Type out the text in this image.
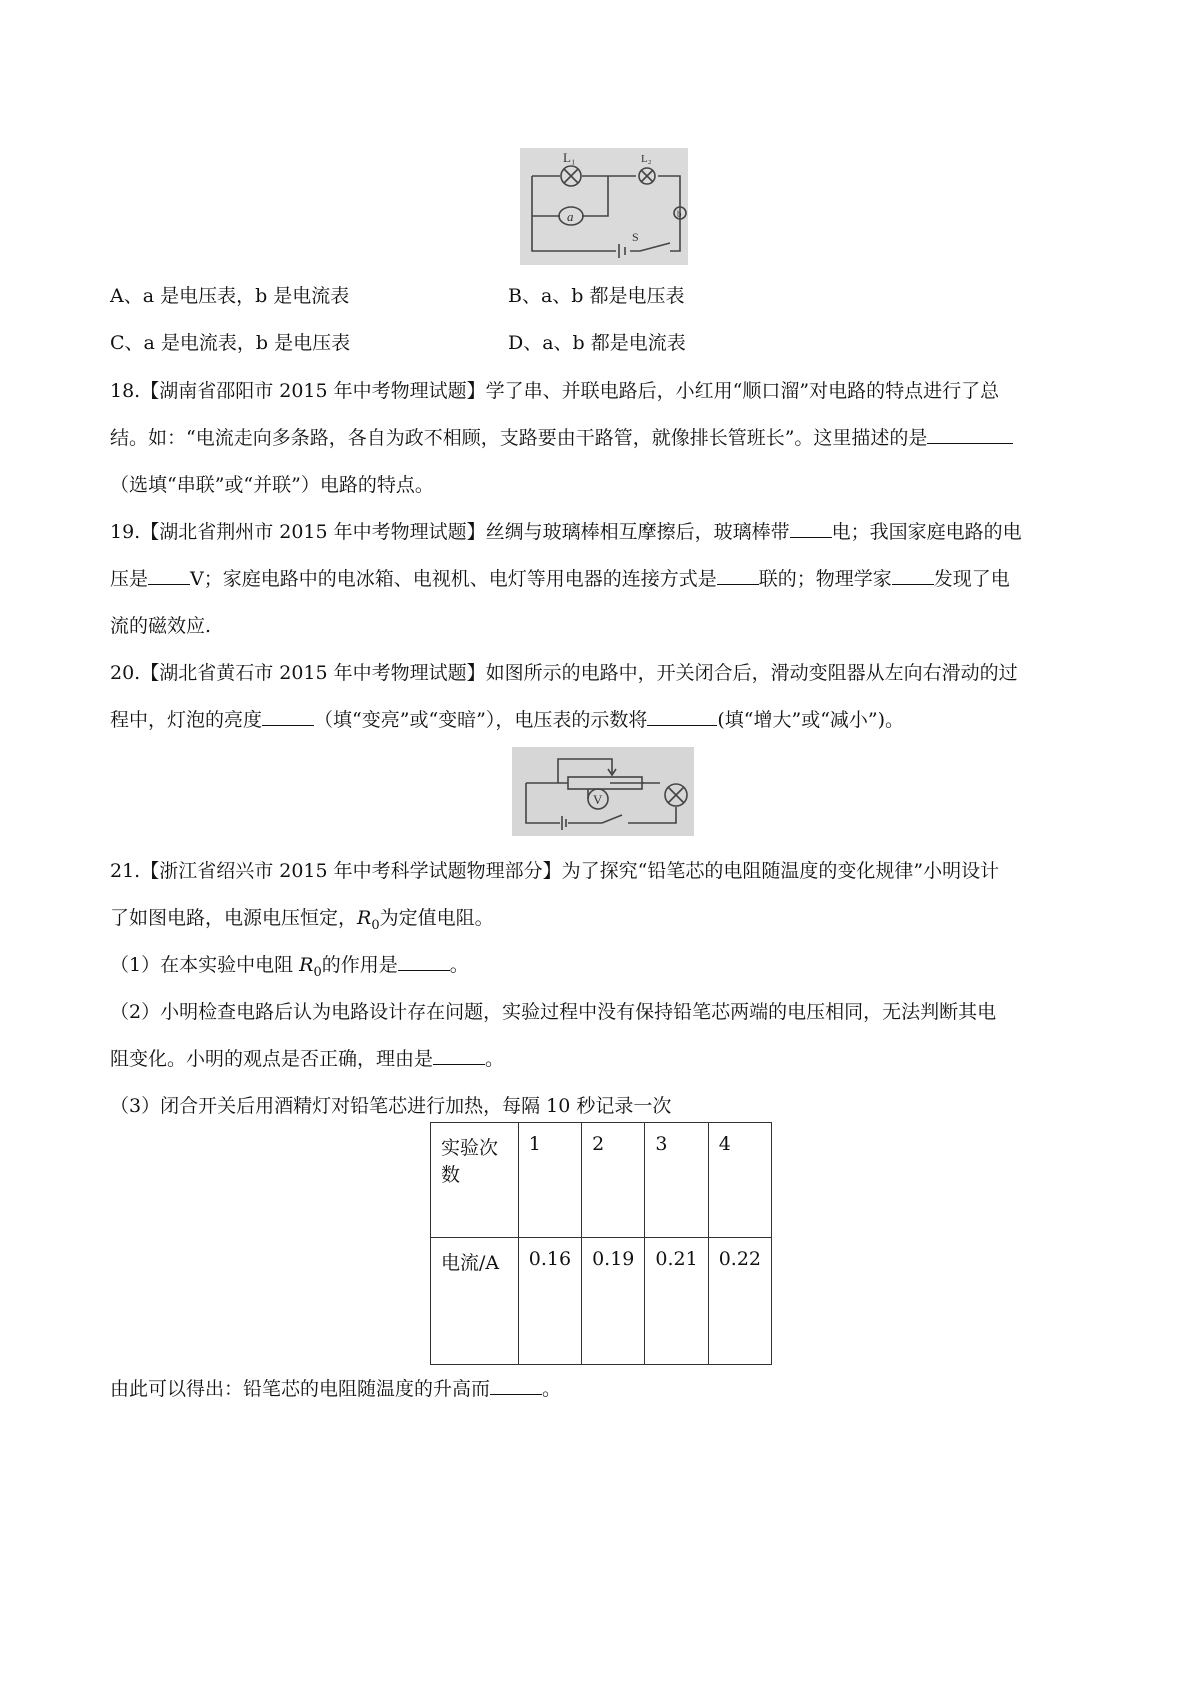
L₁	L₂
a	b
S
A、a 是电压表，b 是电流表	B、a、b 都是电压表
C、a 是电流表，b 是电压表	D、a、b 都是电流表
18.【湖南省邵阳市 2015 年中考物理试题】学了串、并联电路后，小红用“顺口溜”对电路的特点进行了总
结。如：“电流走向多条路，各自为政不相顾，支路要由干路管，就像排长管班长”。这里描述的是
（选填“串联”或“并联”）电路的特点。
19.【湖北省荆州市 2015 年中考物理试题】丝绸与玻璃棒相互摩擦后，玻璃棒带 电；我国家庭电路的电
压是 V；家庭电路中的电冰箱、电视机、电灯等用电器的连接方式是 联的；物理学家 发现了电
流的磁效应.
20.【湖北省黄石市 2015 年中考物理试题】如图所示的电路中，开关闭合后，滑动变阻器从左向右滑动的过
程中，灯泡的亮度	（填“变亮”或“变暗”），电压表的示数将	(填“增大”或“减小”)。
V
21.【浙江省绍兴市 2015 年中考科学试题物理部分】为了探究“铅笔芯的电阻随温度的变化规律”小明设计
了如图电路，电源电压恒定，$R_0$为定值电阻。
（1）在本实验中电阻 $R_0$的作用是	。
（2）小明检查电路后认为电路设计存在问题，实验过程中没有保持铅笔芯两端的电压相同，无法判断其电
阻变化。小明的观点是否正确，理由是	。
（3）闭合开关后用酒精灯对铅笔芯进行加热，每隔 10 秒记录一次
实验次数	1	2	3	4
电流/A	0.16	0.19	0.21	0.22
由此可以得出：铅笔芯的电阻随温度的升高而	。
